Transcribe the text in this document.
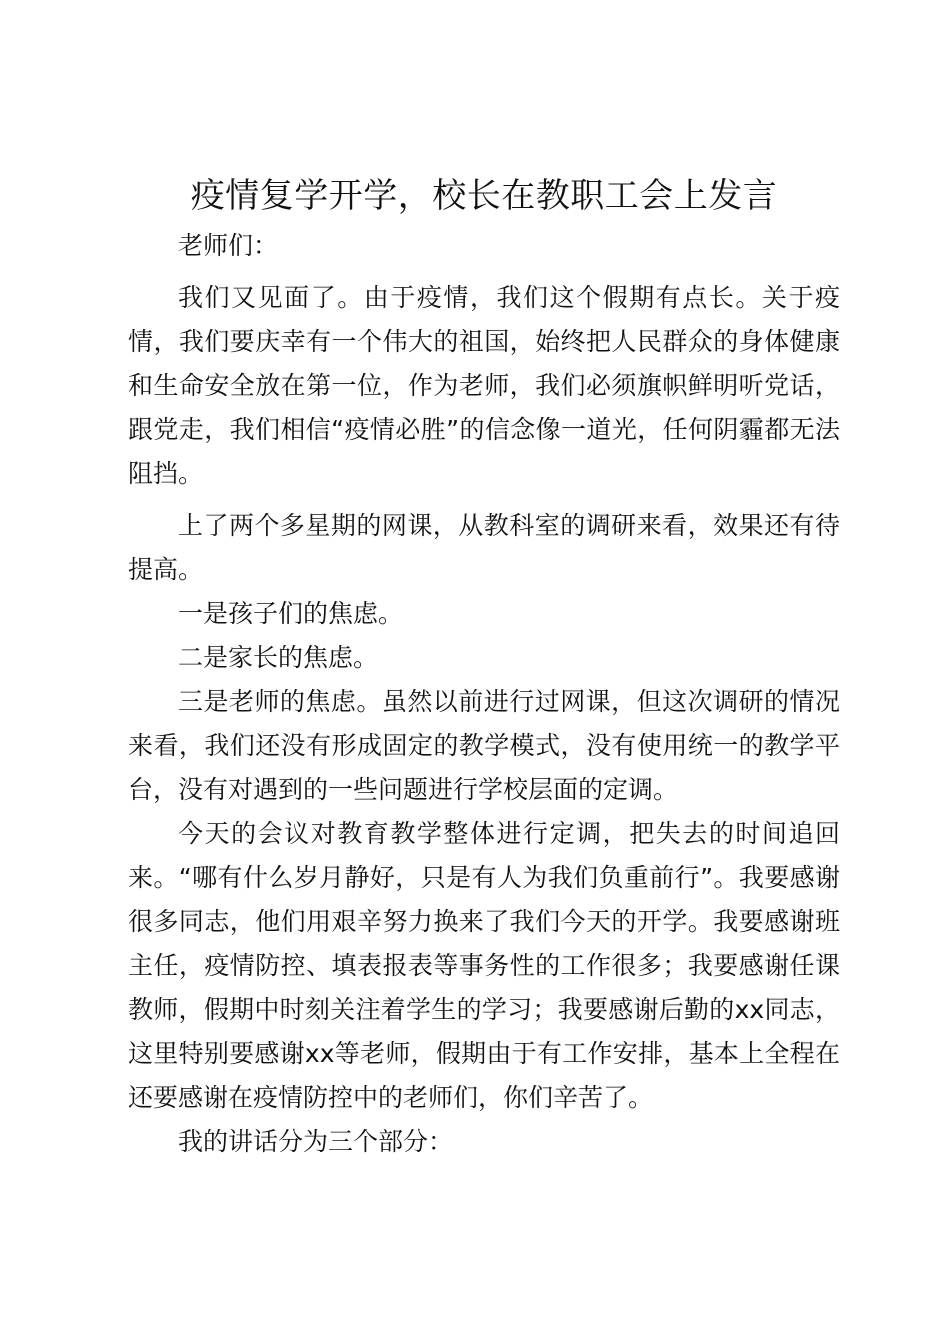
疫情复学开学，校长在教职工会上发言

老师们：

我们又见面了。由于疫情，我们这个假期有点长。关于疫情，我们要庆幸有一个伟大的祖国，始终把人民群众的身体健康和生命安全放在第一位，作为老师，我们必须旗帜鲜明听党话，跟党走，我们相信“疫情必胜”的信念像一道光，任何阴霾都无法阻挡。

上了两个多星期的网课，从教科室的调研来看，效果还有待提高。

一是孩子们的焦虑。

二是家长的焦虑。

三是老师的焦虑。虽然以前进行过网课，但这次调研的情况来看，我们还没有形成固定的教学模式，没有使用统一的教学平台，没有对遇到的一些问题进行学校层面的定调。

今天的会议对教育教学整体进行定调，把失去的时间追回来。“哪有什么岁月静好，只是有人为我们负重前行”。我要感谢很多同志，他们用艰辛努力换来了我们今天的开学。我要感谢班主任，疫情防控、填表报表等事务性的工作很多；我要感谢任课教师，假期中时刻关注着学生的学习；我要感谢后勤的xx同志，这里特别要感谢xx等老师，假期由于有工作安排，基本上全程在还要感谢在疫情防控中的老师们，你们辛苦了。

我的讲话分为三个部分：
